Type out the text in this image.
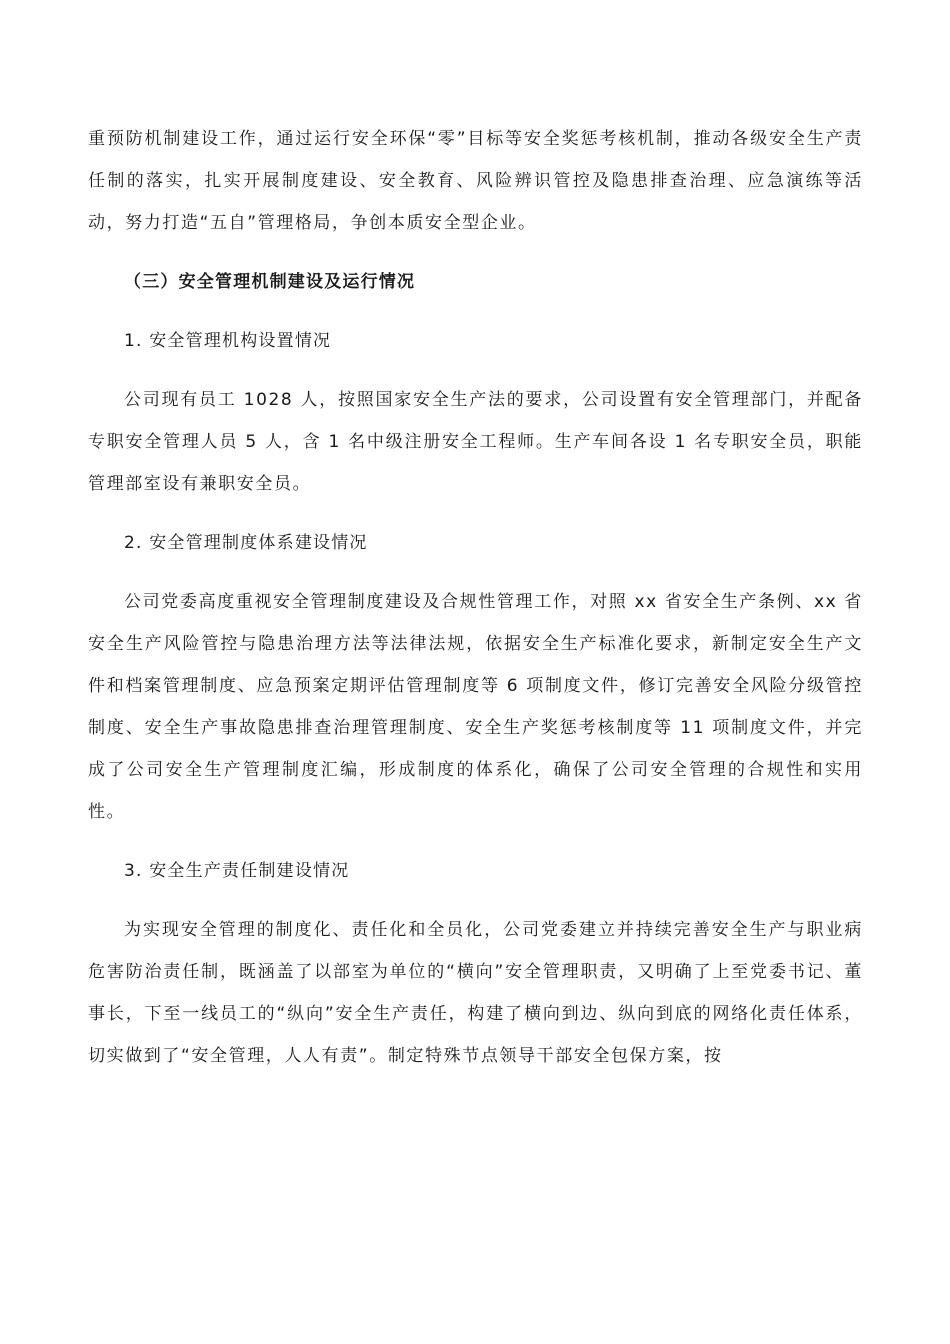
重预防机制建设工作，通过运行安全环保“零”目标等安全奖惩考核机制，推动各级安全生产责任制的落实，扎实开展制度建设、安全教育、风险辨识管控及隐患排查治理、应急演练等活动，努力打造“五自”管理格局，争创本质安全型企业。

（三）安全管理机制建设及运行情况

1. 安全管理机构设置情况

公司现有员工 1028 人，按照国家安全生产法的要求，公司设置有安全管理部门，并配备专职安全管理人员 5 人，含 1 名中级注册安全工程师。生产车间各设 1 名专职安全员，职能管理部室设有兼职安全员。

2. 安全管理制度体系建设情况

公司党委高度重视安全管理制度建设及合规性管理工作，对照 xx 省安全生产条例、xx 省安全生产风险管控与隐患治理方法等法律法规，依据安全生产标准化要求，新制定安全生产文件和档案管理制度、应急预案定期评估管理制度等 6 项制度文件，修订完善安全风险分级管控制度、安全生产事故隐患排查治理管理制度、安全生产奖惩考核制度等 11 项制度文件，并完成了公司安全生产管理制度汇编，形成制度的体系化，确保了公司安全管理的合规性和实用性。

3. 安全生产责任制建设情况

为实现安全管理的制度化、责任化和全员化，公司党委建立并持续完善安全生产与职业病危害防治责任制，既涵盖了以部室为单位的“横向”安全管理职责，又明确了上至党委书记、董事长，下至一线员工的“纵向”安全生产责任，构建了横向到边、纵向到底的网络化责任体系，切实做到了“安全管理，人人有责”。制定特殊节点领导干部安全包保方案，按
